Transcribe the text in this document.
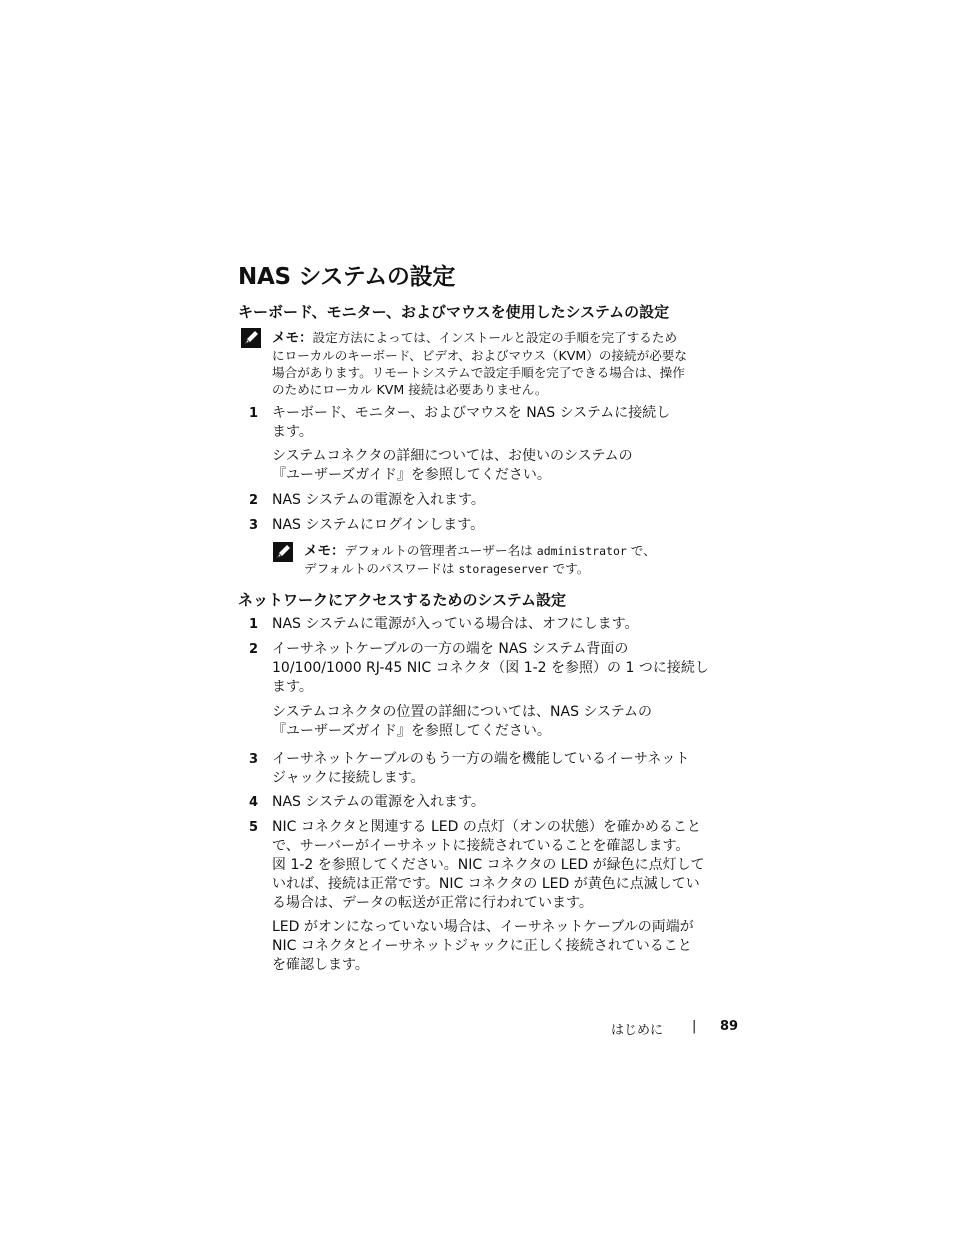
NAS システムの設定
キーボード、モニター、およびマウスを使用したシステムの設定
メモ：設定方法によっては、インストールと設定の手順を完了するため
にローカルのキーボード、ビデオ、およびマウス（KVM）の接続が必要な
場合があります。リモートシステムで設定手順を完了できる場合は、操作
のためにローカル KVM 接続は必要ありません。
1 キーボード、モニター、およびマウスを NAS システムに接続し
ます。
システムコネクタの詳細については、お使いのシステムの
『ユーザーズガイド』を参照してください。
2 NAS システムの電源を入れます。
3 NAS システムにログインします。
メモ：デフォルトの管理者ユーザー名は administrator で、
デフォルトのパスワードは storageserver です。
ネットワークにアクセスするためのシステム設定
1 NAS システムに電源が入っている場合は、オフにします。
2 イーサネットケーブルの一方の端を NAS システム背面の
10/100/1000 RJ-45 NIC コネクタ（図 1-2 を参照）の 1 つに接続し
ます。
システムコネクタの位置の詳細については、NAS システムの
『ユーザーズガイド』を参照してください。
3 イーサネットケーブルのもう一方の端を機能しているイーサネット
ジャックに接続します。
4 NAS システムの電源を入れます。
5 NIC コネクタと関連する LED の点灯（オンの状態）を確かめること
で、サーバーがイーサネットに接続されていることを確認します。
図 1-2 を参照してください。NIC コネクタの LED が緑色に点灯して
いれば、接続は正常です。NIC コネクタの LED が黄色に点滅してい
る場合は、データの転送が正常に行われています。
LED がオンになっていない場合は、イーサネットケーブルの両端が
NIC コネクタとイーサネットジャックに正しく接続されていること
を確認します。
はじめに | 89
